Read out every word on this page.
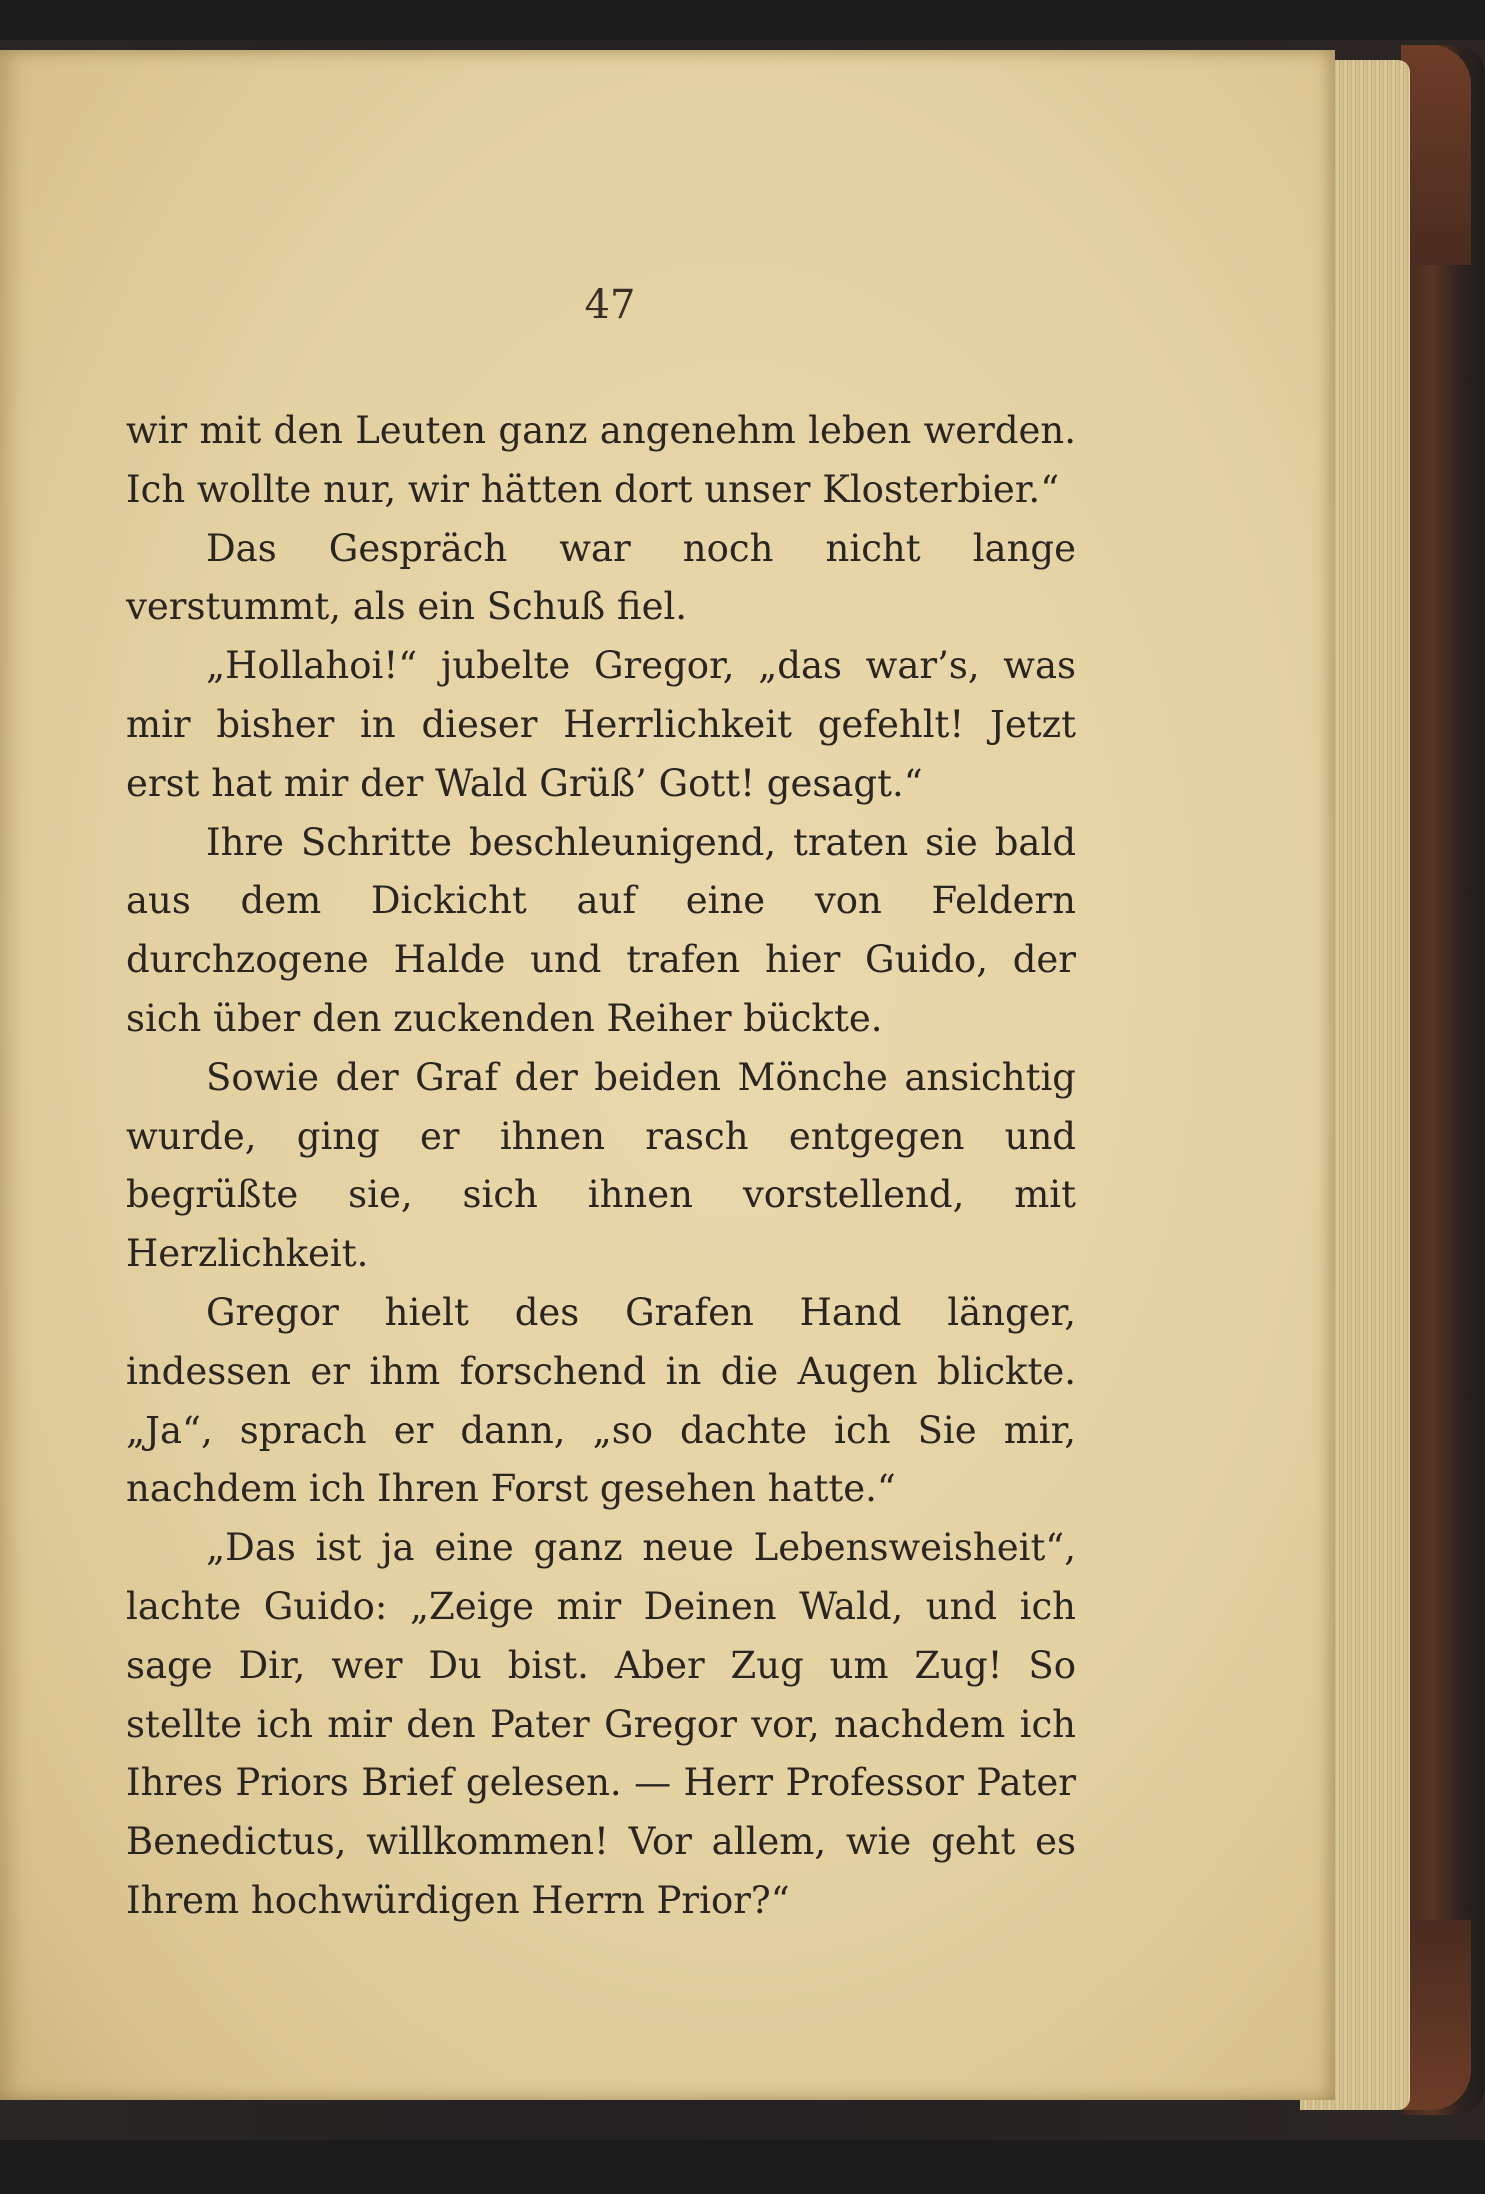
47

wir mit den Leuten ganz angenehm leben werden. Ich wollte nur, wir hätten dort unser Klosterbier.“

Das Gespräch war noch nicht lange verstummt, als ein Schuß fiel.

„Hollahoi!“ jubelte Gregor, „das war’s, was mir bisher in dieser Herrlichkeit gefehlt! Jetzt erst hat mir der Wald Grüß’ Gott! gesagt.“

Ihre Schritte beschleunigend, traten sie bald aus dem Dickicht auf eine von Feldern durchzogene Halde und trafen hier Guido, der sich über den zuckenden Reiher bückte.

Sowie der Graf der beiden Mönche ansichtig wurde, ging er ihnen rasch entgegen und begrüßte sie, sich ihnen vorstellend, mit Herzlichkeit.

Gregor hielt des Grafen Hand länger, indessen er ihm forschend in die Augen blickte. „Ja“, sprach er dann, „so dachte ich Sie mir, nachdem ich Ihren Forst gesehen hatte.“

„Das ist ja eine ganz neue Lebensweisheit“, lachte Guido: „Zeige mir Deinen Wald, und ich sage Dir, wer Du bist. Aber Zug um Zug! So stellte ich mir den Pater Gregor vor, nachdem ich Ihres Priors Brief gelesen. — Herr Professor Pater Benedictus, willkommen! Vor allem, wie geht es Ihrem hochwürdigen Herrn Prior?“
